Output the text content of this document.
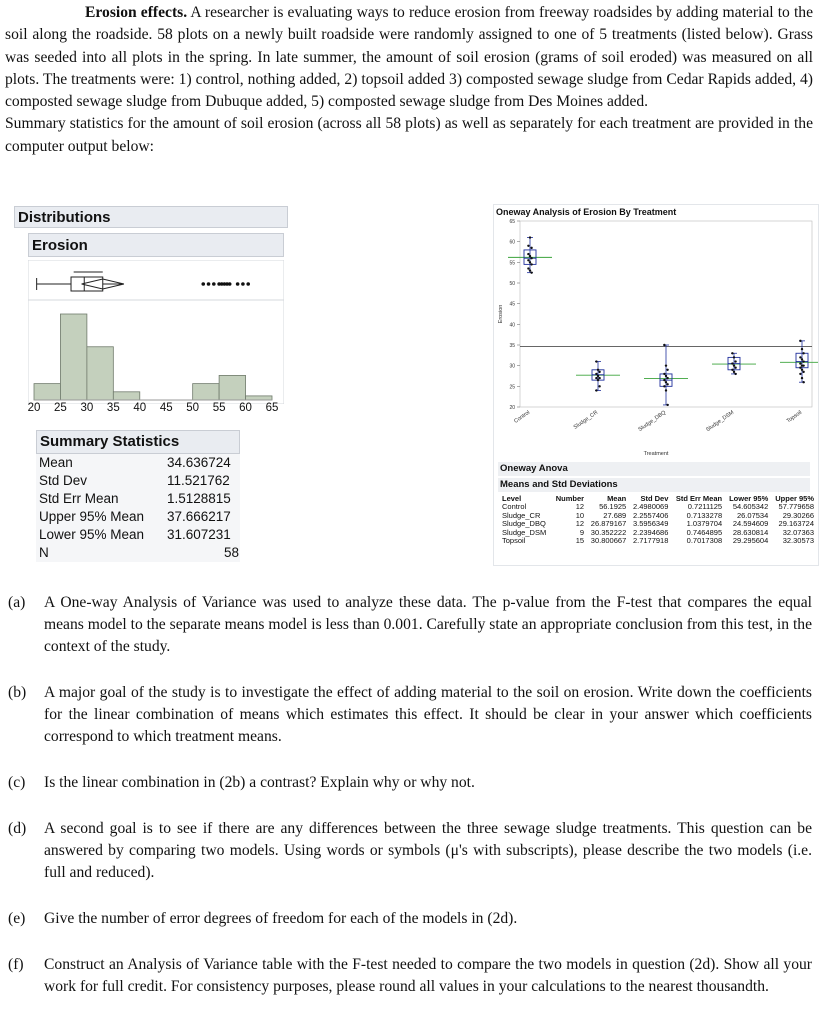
Erosion effects. A researcher is evaluating ways to reduce erosion from freeway roadsides by adding material to the soil along the roadside. 58 plots on a newly built roadside were randomly assigned to one of 5 treatments (listed below). Grass was seeded into all plots in the spring. In late summer, the amount of soil erosion (grams of soil eroded) was measured on all plots. The treatments were: 1) control, nothing added, 2) topsoil added 3) composted sewage sludge from Cedar Rapids added, 4) composted sewage sludge from Dubuque added, 5) composted sewage sludge from Des Moines added.

Summary statistics for the amount of soil erosion (across all 58 plots) as well as separately for each treatment are provided in the computer output below:

Distributions
Erosion
20 25 30 35 40 45 50 55 60 65
Summary Statistics
Mean	34.636724
Std Dev	11.521762
Std Err Mean	1.5128815
Upper 95% Mean	37.666217
Lower 95% Mean	31.607231
N	58
Oneway Analysis of Erosion By Treatment
20
25
30
35
40
45
50
55
60
65
Erosion
Control	Sludge_CR	Sludge_DBQ	Sludge_DSM	Topsoil
Treatment
Oneway Anova
Means and Std Deviations
Level	Number	Mean	Std Dev	Std Err Mean	Lower 95%	Upper 95%
Control	12	56.1925	2.4980069	0.7211125	54.605342	57.779658
Sludge_CR	10	27.689	2.2557406	0.7133278	26.07534	29.30266
Sludge_DBQ	12	26.879167	3.5956349	1.0379704	24.594609	29.163724
Sludge_DSM	9	30.352222	2.2394686	0.7464895	28.630814	32.07363
Topsoil	15	30.800667	2.7177918	0.7017308	29.295604	32.30573
(a)	A One-way Analysis of Variance was used to analyze these data. The p-value from the F-test that compares the equal means model to the separate means model is less than 0.001. Carefully state an appropriate conclusion from this test, in the context of the study.
(b)	A major goal of the study is to investigate the effect of adding material to the soil on erosion. Write down the coefficients for the linear combination of means which estimates this effect. It should be clear in your answer which coefficients correspond to which treatment means.
(c)	Is the linear combination in (2b) a contrast? Explain why or why not.
(d)	A second goal is to see if there are any differences between the three sewage sludge treatments. This question can be answered by comparing two models. Using words or symbols (μ's with subscripts), please describe the two models (i.e. full and reduced).
(e)	Give the number of error degrees of freedom for each of the models in (2d).
(f)	Construct an Analysis of Variance table with the F-test needed to compare the two models in question (2d). Show all your work for full credit. For consistency purposes, please round all values in your calculations to the nearest thousandth.
